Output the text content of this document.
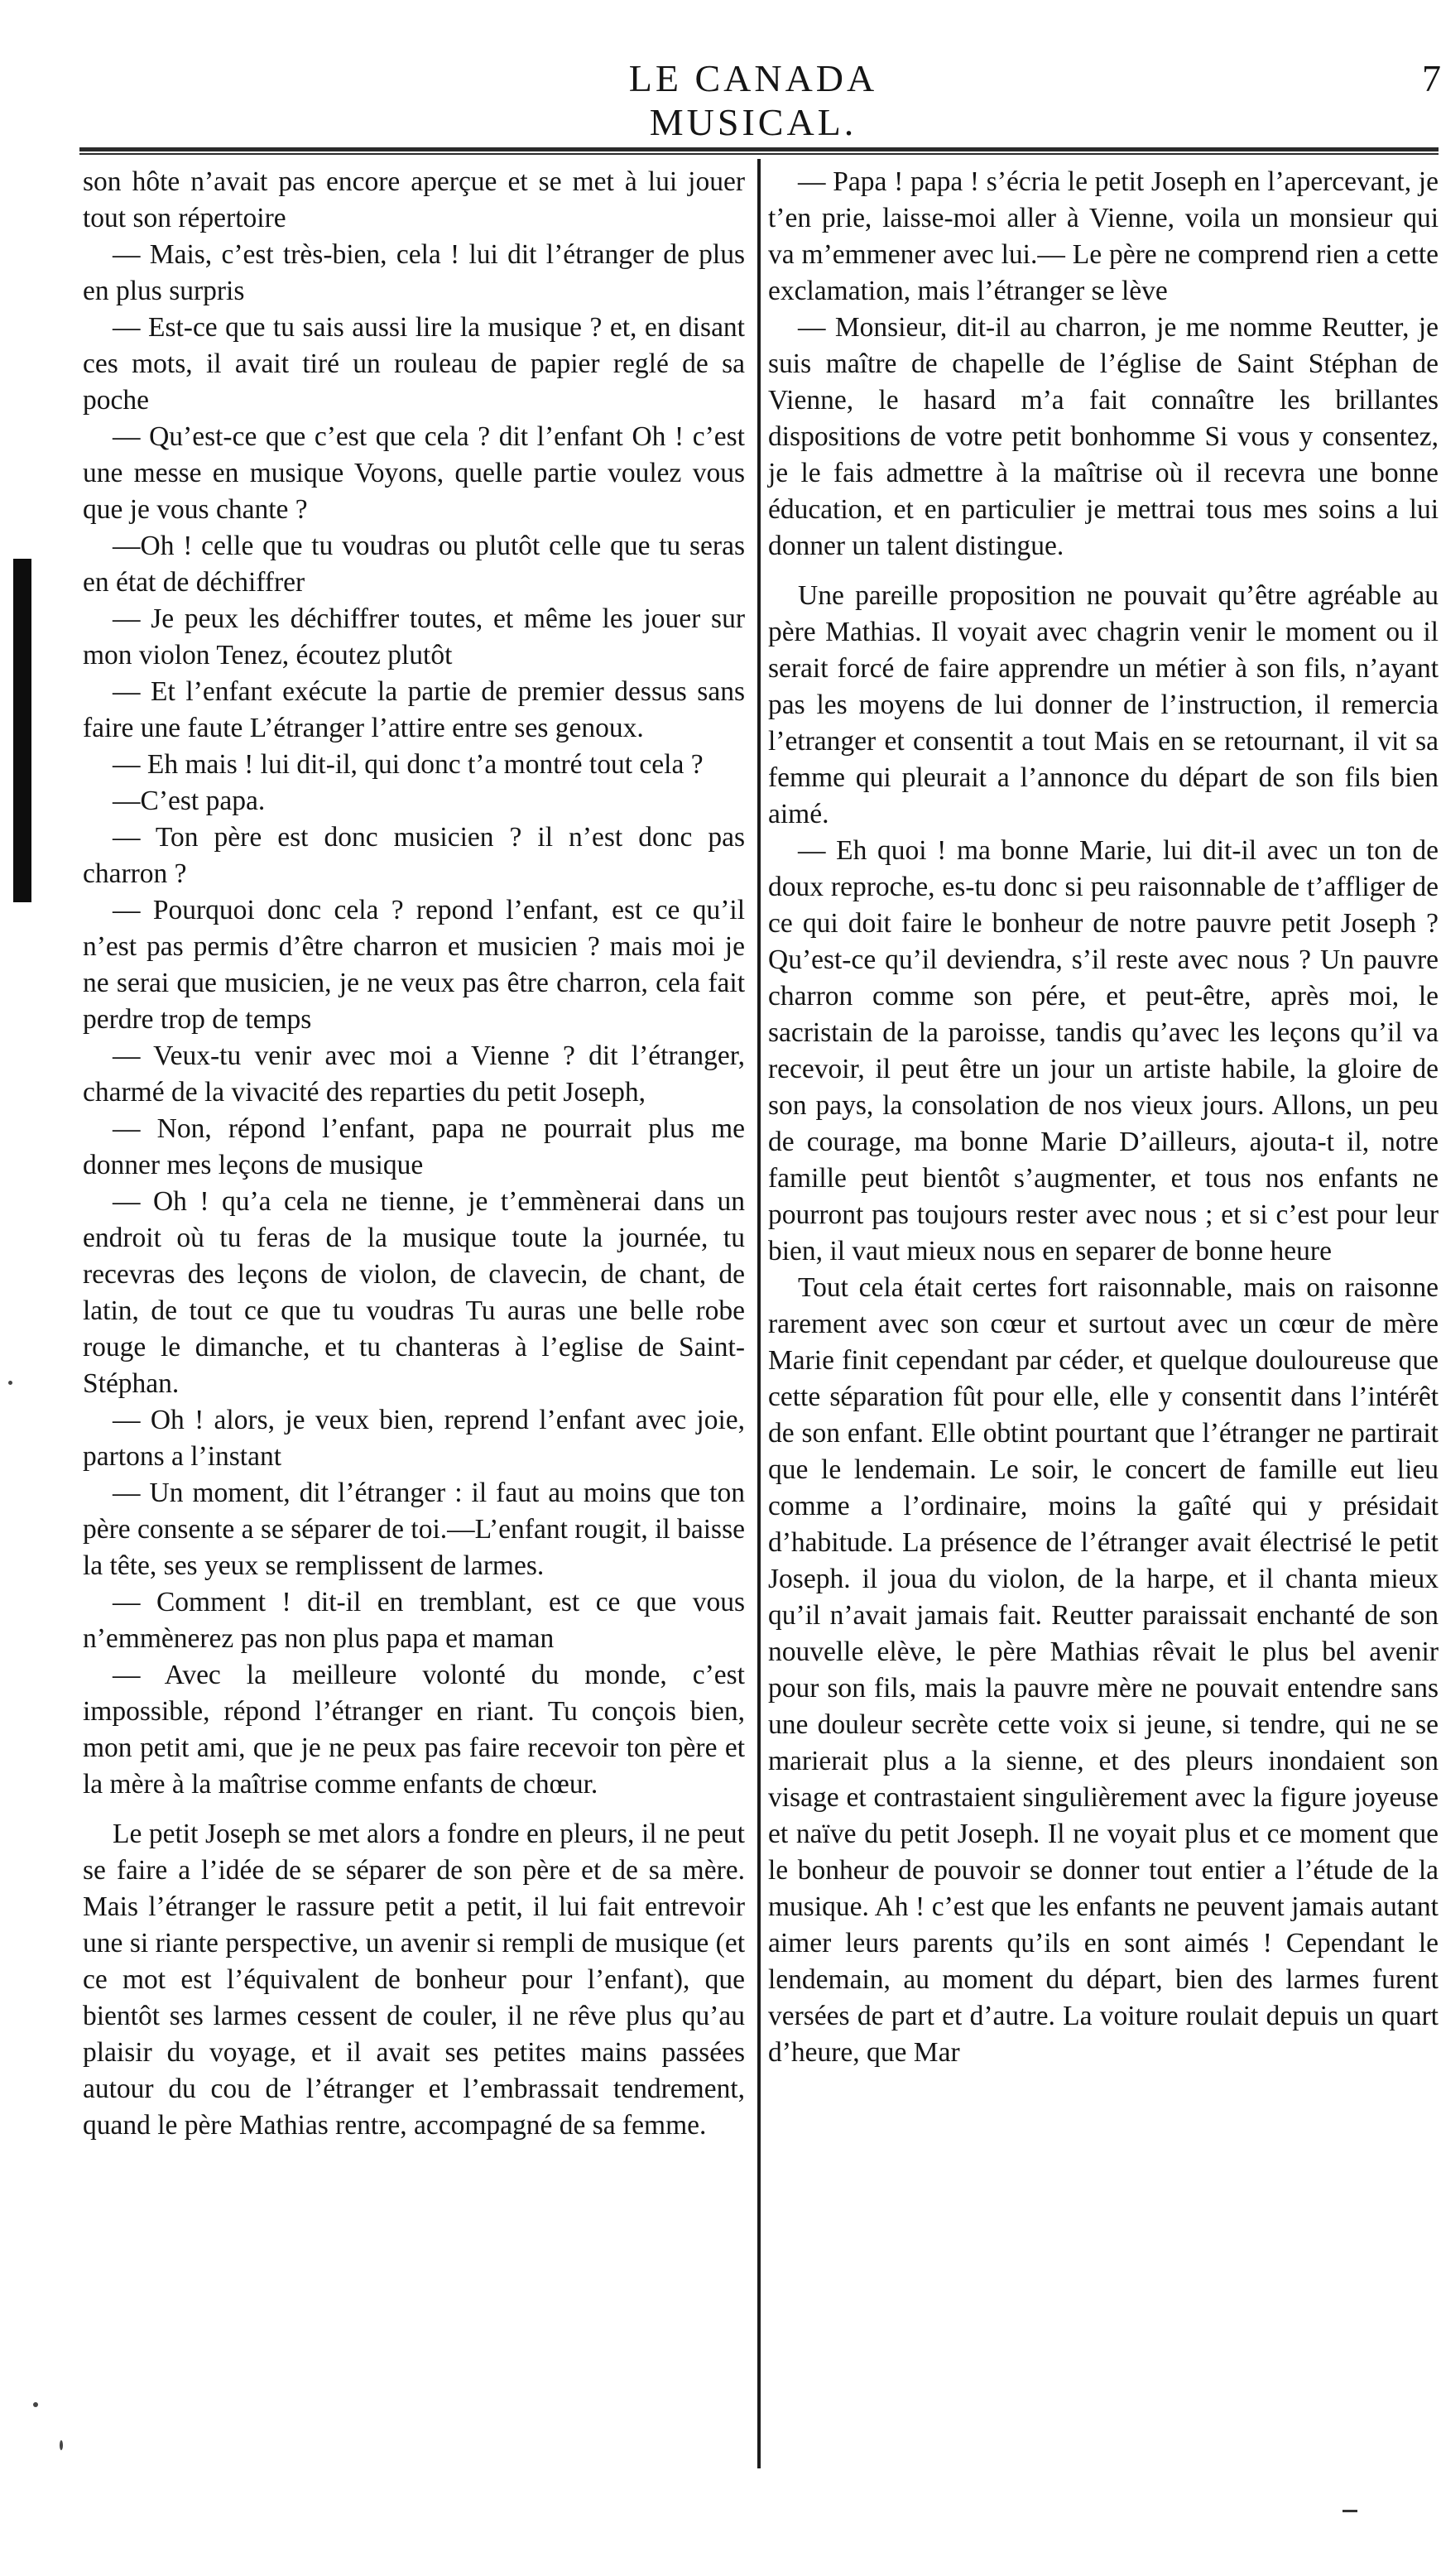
LE CANADA MUSICAL.
7

son hôte n’avait pas encore aperçue et se met à lui jouer tout son répertoire

— Mais, c’est très-bien, cela ! lui dit l’étranger de plus en plus surpris

— Est-ce que tu sais aussi lire la musique ? et, en disant ces mots, il avait tiré un rouleau de papier reglé de sa poche

— Qu’est-ce que c’est que cela ? dit l’enfant Oh ! c’est une messe en musique Voyons, quelle partie voulez vous que je vous chante ?

—Oh ! celle que tu voudras ou plutôt celle que tu seras en état de déchiffrer

— Je peux les déchiffrer toutes, et même les jouer sur mon violon Tenez, écoutez plutôt

— Et l’enfant exécute la partie de premier dessus sans faire une faute L’étranger l’attire entre ses genoux.

— Eh mais ! lui dit-il, qui donc t’a montré tout cela ?

—C’est papa.

— Ton père est donc musicien ? il n’est donc pas charron ?

— Pourquoi donc cela ? repond l’enfant, est ce qu’il n’est pas permis d’être charron et musicien ? mais moi je ne serai que musicien, je ne veux pas être charron, cela fait perdre trop de temps

— Veux-tu venir avec moi a Vienne ? dit l’étranger, charmé de la vivacité des reparties du petit Joseph,

— Non, répond l’enfant, papa ne pourrait plus me donner mes leçons de musique

— Oh ! qu’a cela ne tienne, je t’emmènerai dans un endroit où tu feras de la musique toute la journée, tu recevras des leçons de violon, de clavecin, de chant, de latin, de tout ce que tu voudras Tu auras une belle robe rouge le dimanche, et tu chanteras à l’eglise de Saint-Stéphan.

— Oh ! alors, je veux bien, reprend l’enfant avec joie, partons a l’instant

— Un moment, dit l’étranger : il faut au moins que ton père consente a se séparer de toi.—L’enfant rougit, il baisse la tête, ses yeux se remplissent de larmes.

— Comment ! dit-il en tremblant, est ce que vous n’emmènerez pas non plus papa et maman

— Avec la meilleure volonté du monde, c’est impossible, répond l’étranger en riant. Tu conçois bien, mon petit ami, que je ne peux pas faire recevoir ton père et la mère à la maîtrise comme enfants de chœur.

Le petit Joseph se met alors a fondre en pleurs, il ne peut se faire a l’idée de se séparer de son père et de sa mère. Mais l’étranger le rassure petit a petit, il lui fait entrevoir une si riante perspective, un avenir si rempli de musique (et ce mot est l’équivalent de bonheur pour l’enfant), que bientôt ses larmes cessent de couler, il ne rêve plus qu’au plaisir du voyage, et il avait ses petites mains passées autour du cou de l’étranger et l’embrassait tendrement, quand le père Mathias rentre, accompagné de sa femme.

— Papa ! papa ! s’écria le petit Joseph en l’apercevant, je t’en prie, laisse-moi aller à Vienne, voila un monsieur qui va m’emmener avec lui.— Le père ne comprend rien a cette exclamation, mais l’étranger se lève

— Monsieur, dit-il au charron, je me nomme Reutter, je suis maître de chapelle de l’église de Saint Stéphan de Vienne, le hasard m’a fait connaître les brillantes dispositions de votre petit bonhomme Si vous y consentez, je le fais admettre à la maîtrise où il recevra une bonne éducation, et en particulier je mettrai tous mes soins a lui donner un talent distingue.

Une pareille proposition ne pouvait qu’être agréable au père Mathias. Il voyait avec chagrin venir le moment ou il serait forcé de faire apprendre un métier à son fils, n’ayant pas les moyens de lui donner de l’instruction, il remercia l’etranger et consentit a tout Mais en se retournant, il vit sa femme qui pleurait a l’annonce du départ de son fils bien aimé.

— Eh quoi ! ma bonne Marie, lui dit-il avec un ton de doux reproche, es-tu donc si peu raisonnable de t’affliger de ce qui doit faire le bonheur de notre pauvre petit Joseph ? Qu’est-ce qu’il deviendra, s’il reste avec nous ? Un pauvre charron comme son pére, et peut-être, après moi, le sacristain de la paroisse, tandis qu’avec les leçons qu’il va recevoir, il peut être un jour un artiste habile, la gloire de son pays, la consolation de nos vieux jours. Allons, un peu de courage, ma bonne Marie D’ailleurs, ajouta-t il, notre famille peut bientôt s’augmenter, et tous nos enfants ne pourront pas toujours rester avec nous ; et si c’est pour leur bien, il vaut mieux nous en separer de bonne heure

Tout cela était certes fort raisonnable, mais on raisonne rarement avec son cœur et surtout avec un cœur de mère Marie finit cependant par céder, et quelque douloureuse que cette séparation fût pour elle, elle y consentit dans l’intérêt de son enfant. Elle obtint pourtant que l’étranger ne partirait que le lendemain. Le soir, le concert de famille eut lieu comme a l’ordinaire, moins la gaîté qui y présidait d’habitude. La présence de l’étranger avait électrisé le petit Joseph. il joua du violon, de la harpe, et il chanta mieux qu’il n’avait jamais fait. Reutter paraissait enchanté de son nouvelle elève, le père Mathias rêvait le plus bel avenir pour son fils, mais la pauvre mère ne pouvait entendre sans une douleur secrète cette voix si jeune, si tendre, qui ne se marierait plus a la sienne, et des pleurs inondaient son visage et contrastaient singulièrement avec la figure joyeuse et naïve du petit Joseph. Il ne voyait plus et ce moment que le bonheur de pouvoir se donner tout entier a l’étude de la musique. Ah ! c’est que les enfants ne peuvent jamais autant aimer leurs parents qu’ils en sont aimés ! Cependant le lendemain, au moment du départ, bien des larmes furent versées de part et d’autre. La voiture roulait depuis un quart d’heure, que Mar
